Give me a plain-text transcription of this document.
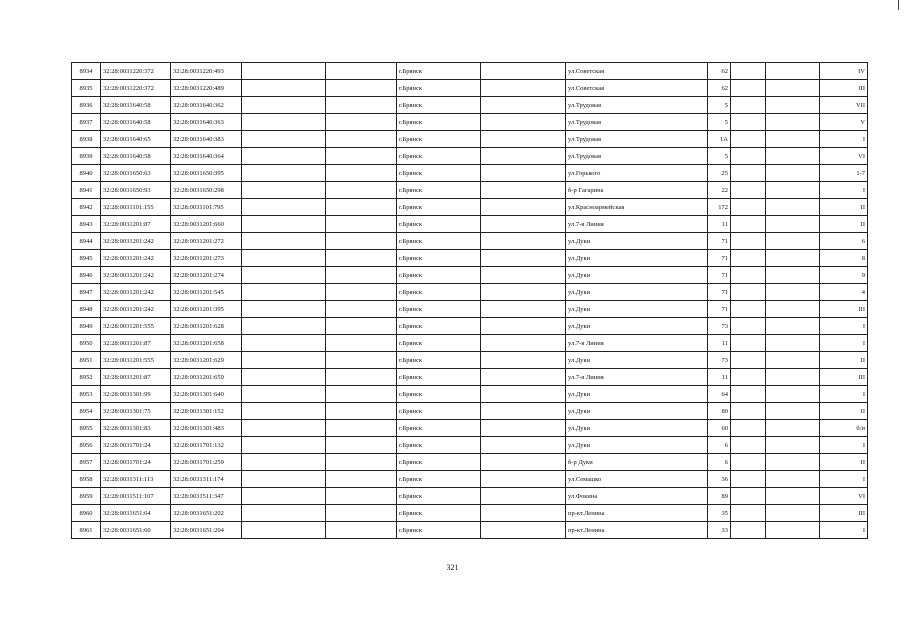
8934	32:28:0031220:372	32:28:0031220:493			г.Брянск		ул.Советская	62			IV
8935	32:28:0031220:372	32:28:0031220:489			г.Брянск		ул.Советская	62			III
8936	32:28:0031640:58	32:28:0031640:362			г.Брянск		ул.Трудовая	5			VII
8937	32:28:0031640:58	32:28:0031640:363			г.Брянск		ул.Трудовая	5			V
8938	32:28:0031640:65	32:28:0031640:383			г.Брянск		ул.Трудовая	1А			I
8939	32:28:0031640:58	32:28:0031640:364			г.Брянск		ул.Трудовая	5			VI
8940	32:28:0031650:63	32:28:0031650:395			г.Брянск		ул.Горького	25			1-7
8941	32:28:0031650:93	32:28:0031650:298			г.Брянск		б-р Гагарина	22			I
8942	32:28:0031101:155	32:28:0031101:795			г.Брянск		ул.Красноармейская	172			II
8943	32:28:0031201:87	32:28:0031201:660			г.Брянск		ул.7-я Линия	11			II
8944	32:28:0031201:242	32:28:0031201:272			г.Брянск		ул.Дуки	71			6
8945	32:28:0031201:242	32:28:0031201:273			г.Брянск		ул.Дуки	71			8
8946	32:28:0031201:242	32:28:0031201:274			г.Брянск		ул.Дуки	71			9
8947	32:28:0031201:242	32:28:0031201:545			г.Брянск		ул.Дуки	71			4
8948	32:28:0031201:242	32:28:0031201:395			г.Брянск		ул.Дуки	71			III
8949	32:28:0031201:555	32:28:0031201:628			г.Брянск		ул.Дуки	73			I
8950	32:28:0031201:87	32:28:0031201:658			г.Брянск		ул.7-я Линия	11			I
8951	32:28:0031201:555	32:28:0031201:629			г.Брянск		ул.Дуки	73			II
8952	32:28:0031201:87	32:28:0031201:659			г.Брянск		ул.7-я Линия	11			III
8953	32:28:0031301:99	32:28:0031301:640			г.Брянск		ул.Дуки	64			I
8954	32:28:0031301:75	32:28:0031301:152			г.Брянск		ул.Дуки	80			II
8955	32:28:0031301:83	32:28:0031301:483			г.Брянск		ул.Дуки	60			б/н
8956	32:28:0031701:24	32:28:0031701:132			г.Брянск		ул.Дуки	6			I
8957	32:28:0031701:24	32:28:0031701:259			г.Брянск		б-р Дуки	6			II
8958	32:28:0031311:113	32:28:0031311:174			г.Брянск		ул.Семашко	36			I
8959	32:28:0031511:107	32:28:0031511:347			г.Брянск		ул.Фокина	89			VI
8960	32:28:0031651:64	32:28:0031651:202			г.Брянск		пр-кт.Ленина	35			III
8961	32:28:0031651:60	32:28:0031651:204			г.Брянск		пр-кт.Ленина	33			I
321
